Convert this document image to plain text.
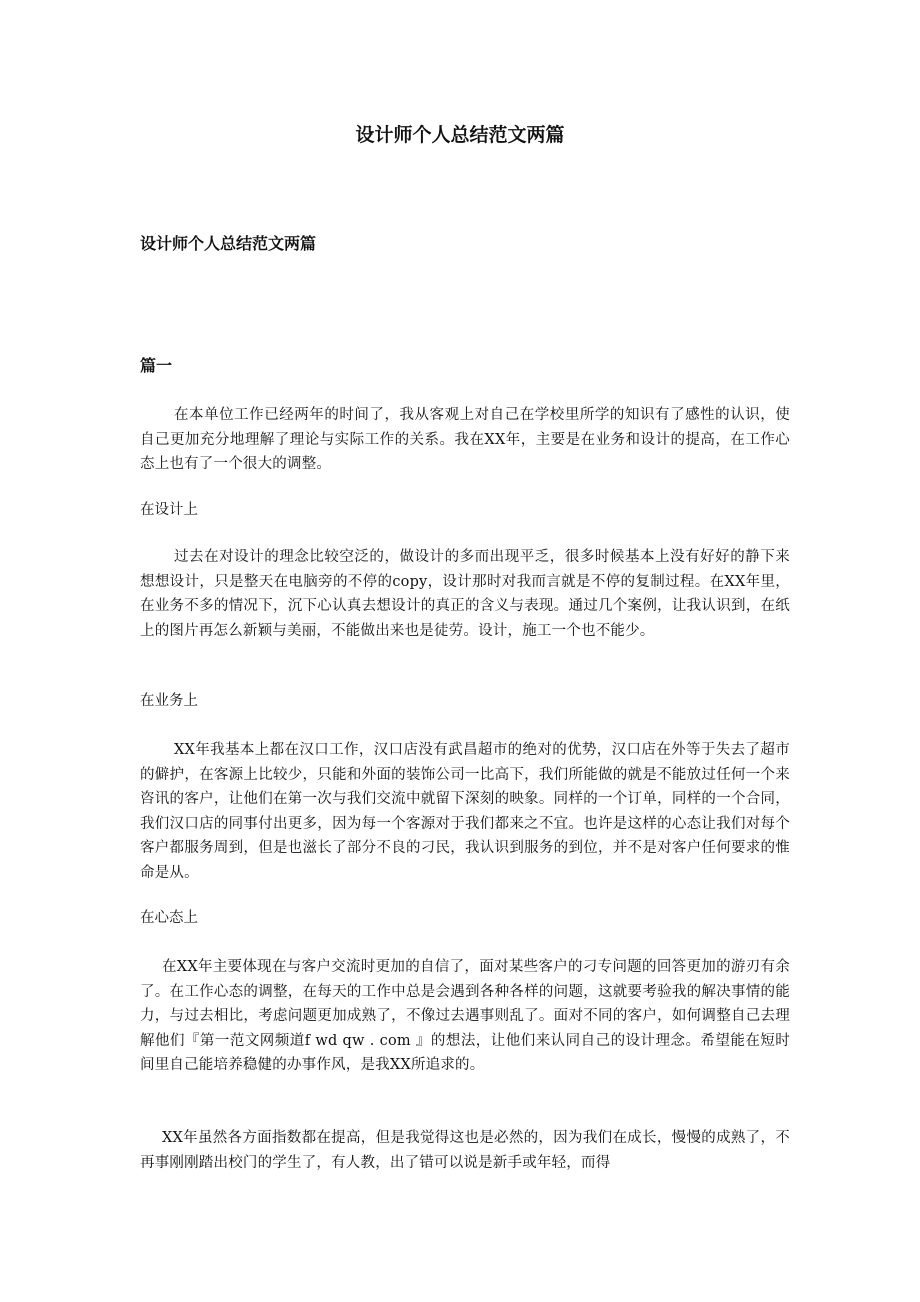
设计师个人总结范文两篇
设计师个人总结范文两篇
篇一

在本单位工作已经两年的时间了，我从客观上对自己在学校里所学的知识有了感性的认识，使自己更加充分地理解了理论与实际工作的关系。我在XX年，主要是在业务和设计的提高，在工作心态上也有了一个很大的调整。

在设计上

过去在对设计的理念比较空泛的，做设计的多而出现平乏，很多时候基本上没有好好的静下来想想设计，只是整天在电脑旁的不停的copy，设计那时对我而言就是不停的复制过程。在XX年里，在业务不多的情况下，沉下心认真去想设计的真正的含义与表现。通过几个案例，让我认识到，在纸上的图片再怎么新颖与美丽，不能做出来也是徒劳。设计，施工一个也不能少。

在业务上

XX年我基本上都在汉口工作，汉口店没有武昌超市的绝对的优势，汉口店在外等于失去了超市的僻护，在客源上比较少，只能和外面的装饰公司一比高下，我们所能做的就是不能放过任何一个来咨讯的客户，让他们在第一次与我们交流中就留下深刻的映象。同样的一个订单，同样的一个合同，我们汉口店的同事付出更多，因为每一个客源对于我们都来之不宜。也许是这样的心态让我们对每个客户都服务周到，但是也滋长了部分不良的刁民，我认识到服务的到位，并不是对客户任何要求的惟命是从。

在心态上

在XX年主要体现在与客户交流时更加的自信了，面对某些客户的刁专问题的回答更加的游刃有余了。在工作心态的调整，在每天的工作中总是会遇到各种各样的问题，这就要考验我的解决事情的能力，与过去相比，考虑问题更加成熟了，不像过去遇事则乱了。面对不同的客户，如何调整自己去理解他们『第一范文网频道f wd qw . com 』的想法，让他们来认同自己的设计理念。希望能在短时间里自己能培养稳健的办事作风，是我XX所追求的。

XX年虽然各方面指数都在提高，但是我觉得这也是必然的，因为我们在成长，慢慢的成熟了，不再事刚刚踏出校门的学生了，有人教，出了错可以说是新手或年轻，而得
